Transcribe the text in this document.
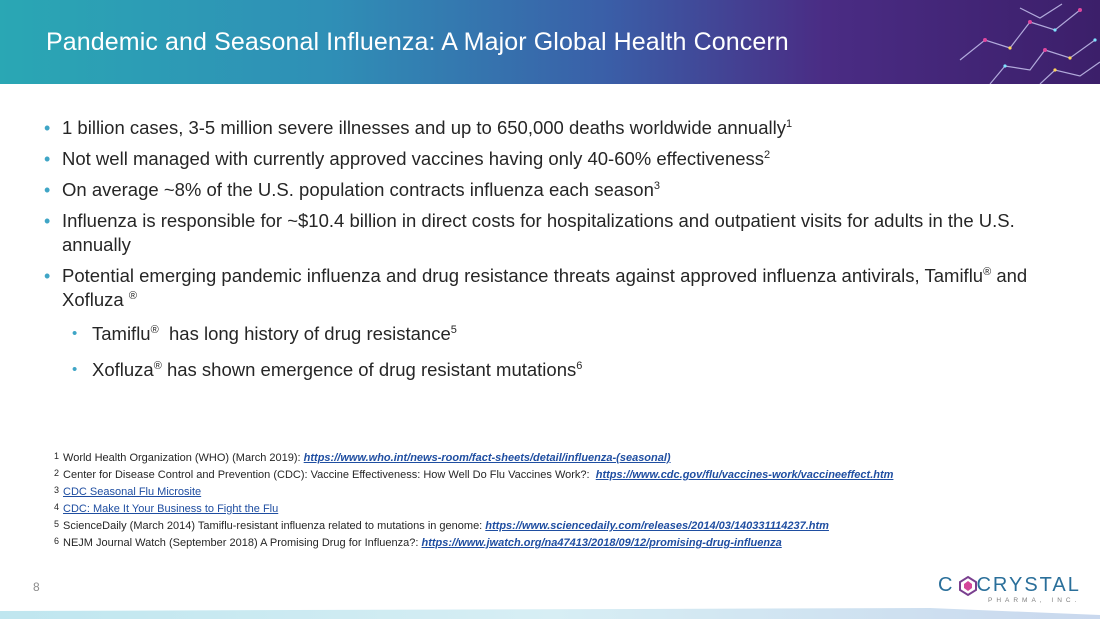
Pandemic and Seasonal Influenza: A Major Global Health Concern
• 1 billion cases, 3-5 million severe illnesses and up to 650,000 deaths worldwide annually$^1$
• Not well managed with currently approved vaccines having only 40-60% effectiveness$^2$
• On average ~8% of the U.S. population contracts influenza each season$^3$
• Influenza is responsible for ~$10.4 billion in direct costs for hospitalizations and outpatient visits for adults in the U.S. annually
• Potential emerging pandemic influenza and drug resistance threats against approved influenza antivirals, Tamiflu® and Xofluza ®
• Tamiflu®  has long history of drug resistance$^5$
• Xofluza® has shown emergence of drug resistant mutations$^6$
$^1$ World Health Organization (WHO) (March 2019): https://www.who.int/news-room/fact-sheets/detail/influenza-(seasonal)
$^2$ Center for Disease Control and Prevention (CDC): Vaccine Effectiveness: How Well Do Flu Vaccines Work?:  https://www.cdc.gov/flu/vaccines-work/vaccineeffect.htm
$^3$ CDC Seasonal Flu Microsite
$^4$ CDC: Make It Your Business to Fight the Flu
$^5$ ScienceDaily (March 2014) Tamiflu-resistant influenza related to mutations in genome: https://www.sciencedaily.com/releases/2014/03/140331114237.htm
$^6$ NEJM Journal Watch (September 2018) A Promising Drug for Influenza?: https://www.jwatch.org/na47413/2018/09/12/promising-drug-influenza
8	C CRYSTAL
PHARMA, INC.
